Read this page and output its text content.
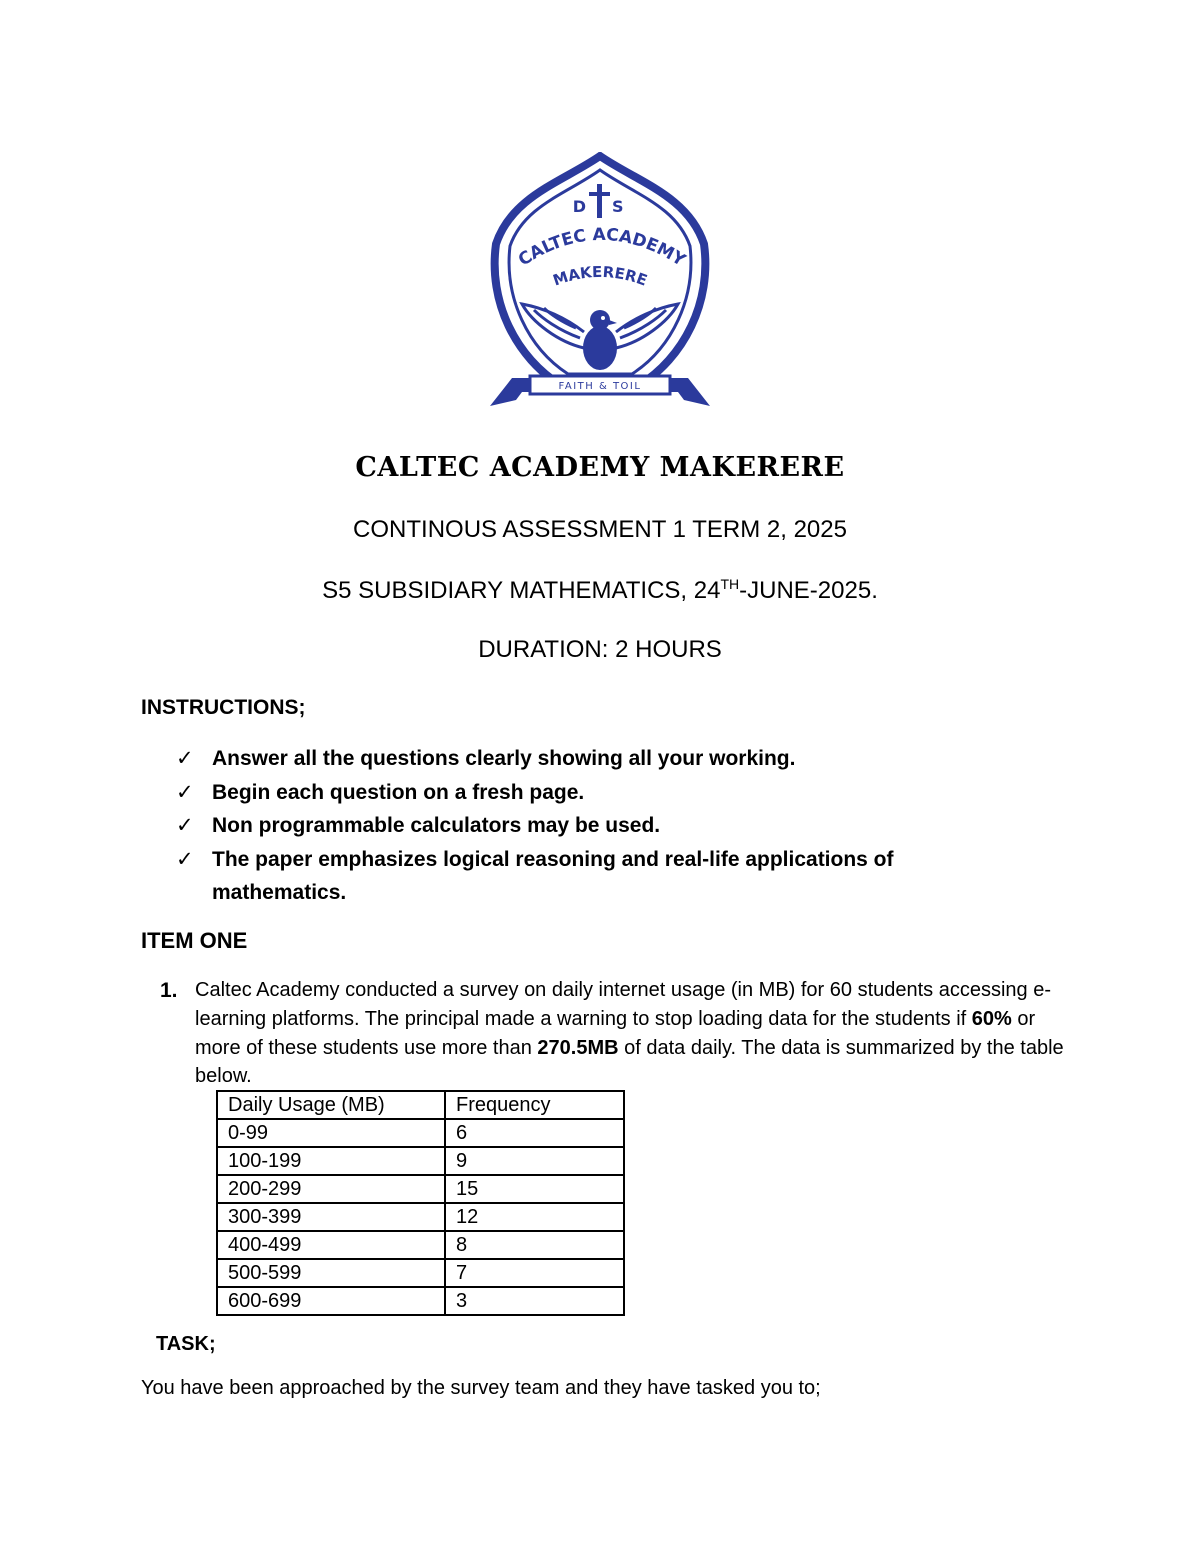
D S
CALTEC ACADEMY
MAKERERE
FAITH & TOIL
CALTEC ACADEMY MAKERERE
CONTINOUS ASSESSMENT 1 TERM 2, 2025
S5 SUBSIDIARY MATHEMATICS, 24TH-JUNE-2025.
DURATION: 2 HOURS
INSTRUCTIONS;
✓ Answer all the questions clearly showing all your working.
✓ Begin each question on a fresh page.
✓ Non programmable calculators may be used.
✓ The paper emphasizes logical reasoning and real-life applications of mathematics.
ITEM ONE
1. Caltec Academy conducted a survey on daily internet usage (in MB) for 60 students accessing e-learning platforms. The principal made a warning to stop loading data for the students if 60% or more of these students use more than 270.5MB of data daily. The data is summarized by the table below.
Daily Usage (MB)	Frequency
0-99	6
100-199	9
200-299	15
300-399	12
400-499	8
500-599	7
600-699	3
TASK;
You have been approached by the survey team and they have tasked you to;
